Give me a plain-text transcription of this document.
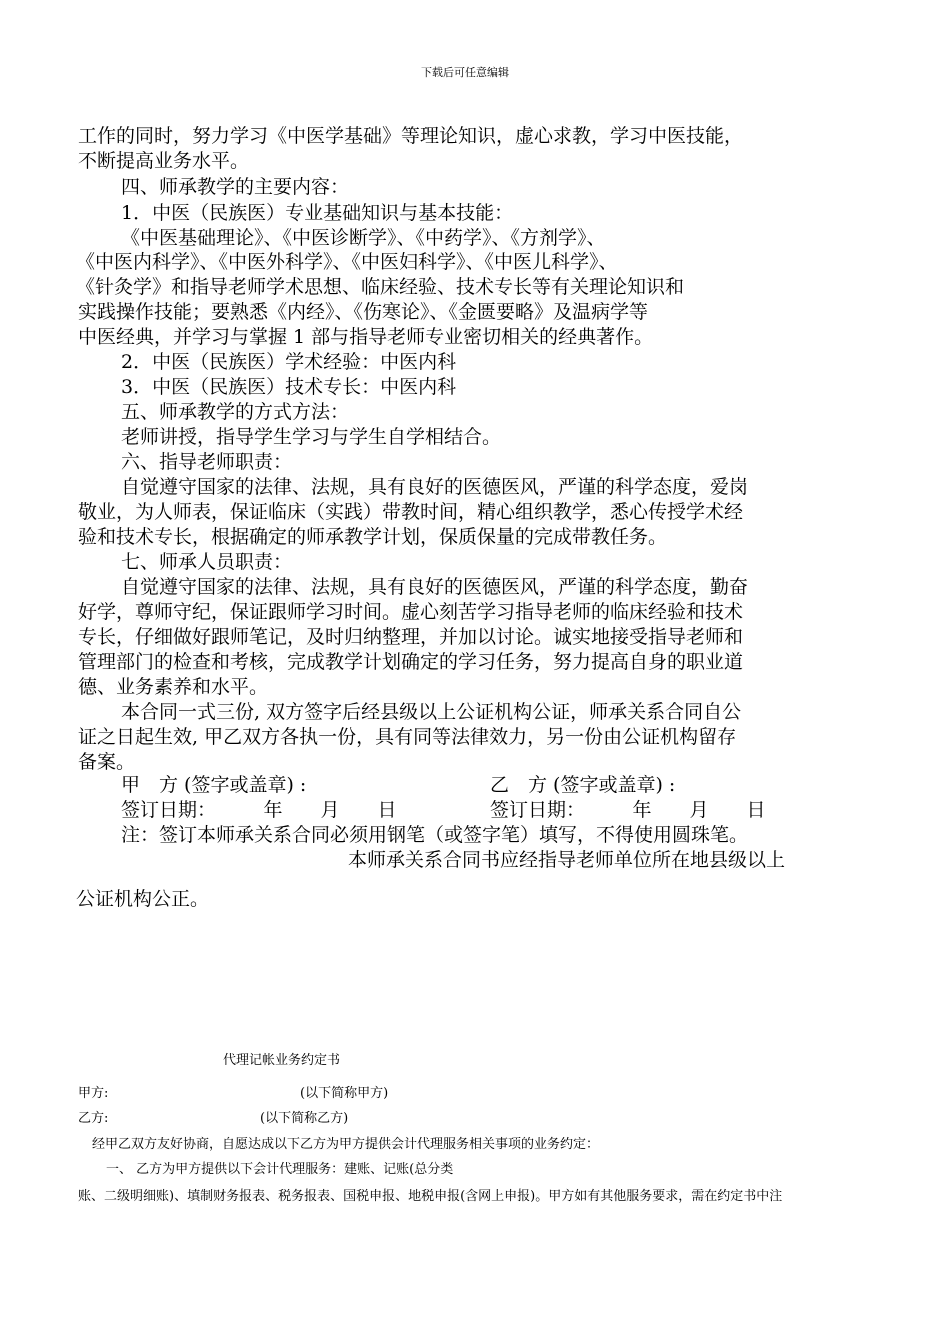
下载后可任意编辑
工作的同时，努力学习《中医学基础》等理论知识，虚心求教，学习中医技能，
不断提高业务水平。
四、师承教学的主要内容：
1．中医（民族医）专业基础知识与基本技能：
《中医基础理论》、《中医诊断学》、《中药学》、《方剂学》、
《中医内科学》、《中医外科学》、《中医妇科学》、《中医儿科学》、
《针灸学》和指导老师学术思想、临床经验、技术专长等有关理论知识和
实践操作技能；要熟悉《内经》、《伤寒论》、《金匮要略》及温病学等
中医经典，并学习与掌握 1 部与指导老师专业密切相关的经典著作。
2．中医（民族医）学术经验：中医内科
3．中医（民族医）技术专长：中医内科
五、师承教学的方式方法：
老师讲授，指导学生学习与学生自学相结合。
六、指导老师职责：
自觉遵守国家的法律、法规，具有良好的医德医风，严谨的科学态度，爱岗
敬业，为人师表，保证临床（实践）带教时间，精心组织教学，悉心传授学术经
验和技术专长，根据确定的师承教学计划，保质保量的完成带教任务。
七、师承人员职责：
自觉遵守国家的法律、法规，具有良好的医德医风，严谨的科学态度，勤奋
好学，尊师守纪，保证跟师学习时间。虚心刻苦学习指导老师的临床经验和技术
专长，仔细做好跟师笔记，及时归纳整理，并加以讨论。诚实地接受指导老师和
管理部门的检查和考核，完成教学计划确定的学习任务，努力提高自身的职业道
德、业务素养和水平。
本合同一式三份, 双方签字后经县级以上公证机构公证，师承关系合同自公
证之日起生效, 甲乙双方各执一份，具有同等法律效力，另一份由公证机构留存
备案。
甲　方 (签字或盖章) :	乙　方 (签字或盖章) :
签订日期：　　　年　　月　　日	签订日期：　　　年　　月　　日
注：签订本师承关系合同必须用钢笔（或签字笔）填写，不得使用圆珠笔。
本师承关系合同书应经指导老师单位所在地县级以上
公证机构公正。
代理记帐业务约定书
甲方:	(以下简称甲方)
乙方:	(以下简称乙方)
经甲乙双方友好协商，自愿达成以下乙方为甲方提供会计代理服务相关事项的业务约定：
一、 乙方为甲方提供以下会计代理服务：建账、记账(总分类
账、二级明细账)、填制财务报表、税务报表、国税申报、地税申报(含网上申报)。甲方如有其他服务要求，需在约定书中注
